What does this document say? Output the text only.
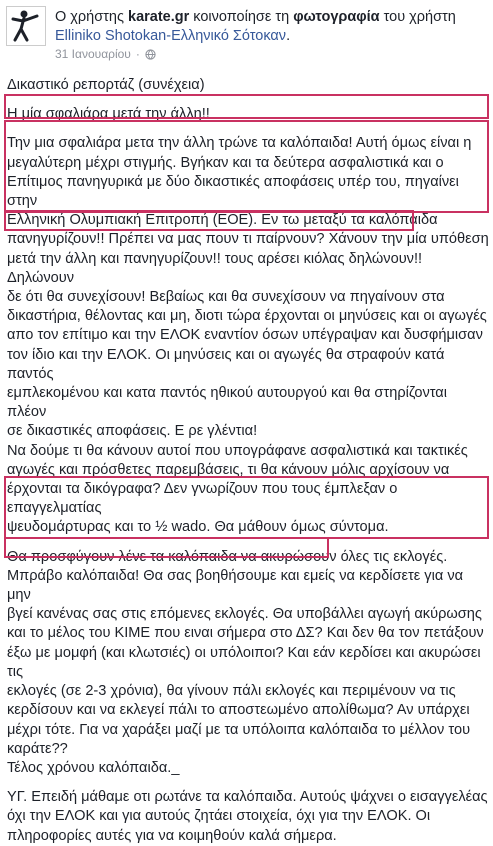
Ο χρήστης karate.gr κοινοποίησε τη φωτογραφία του χρήστη Elliniko Shotokan-Ελληνικό Σότοκαν.
31 Ιανουαρίου ·

Δικαστικό ρεπορτάζ (συνέχεια)

Η μία σφαλιάρα μετά την άλλη!!

Την μια σφαλιάρα μετα την άλλη τρώνε τα καλόπαιδα! Αυτή όμως είναι η

μεγαλύτερη μέχρι στιγμής. Βγήκαν και τα δεύτερα ασφαλιστικά και ο

Επίτιμος πανηγυρικά με δύο δικαστικές αποφάσεις υπέρ του, πηγαίνει στην

Ελληνική Ολυμπιακή Επιτροπή (ΕΟΕ). Εν τω μεταξύ τα καλόπαιδα

πανηγυρίζουν!! Πρέπει να μας πουν τι παίρνουν? Χάνουν την μία υπόθεση

μετά την άλλη και πανηγυρίζουν!! τους αρέσει κιόλας δηλώνουν!! Δηλώνουν

δε ότι θα συνεχίσουν! Βεβαίως και θα συνεχίσουν να πηγαίνουν στα

δικαστήρια, θέλοντας και μη, διοτι τώρα έρχονται οι μηνύσεις και οι αγωγές

απο τον επίτιμο και την ΕΛΟΚ εναντίον όσων υπέγραψαν και δυσφήμισαν

τον ίδιο και την ΕΛΟΚ. Οι μηνύσεις και οι αγωγές θα στραφούν κατά παντός

εμπλεκομένου και κατα παντός ηθικού αυτουργού και θα στηρίζονται πλέον

σε δικαστικές αποφάσεις. Ε ρε γλέντια!

Να δούμε τι θα κάνουν αυτοί που υπογράφανε ασφαλιστικά και τακτικές

αγωγές και πρόσθετες παρεμβάσεις, τι θα κάνουν μόλις αρχίσουν να

έρχονται τα δικόγραφα? Δεν γνωρίζουν που τους έμπλεξαν ο επαγγελματίας

ψευδομάρτυρας και το ½ wado. Θα μάθουν όμως σύντομα.

Θα προσφύγουν λένε τα καλόπαιδα να ακυρώσουν όλες τις εκλογές.

Μπράβο καλόπαιδα! Θα σας βοηθήσουμε και εμείς να κερδίσετε για να μην

βγεί κανένας σας στις επόμενες εκλογές. Θα υποβάλλει αγωγή ακύρωσης

και το μέλος του ΚΙΜΕ που ειναι σήμερα στο ΔΣ? Και δεν θα τον πετάξουν

έξω με μομφή (και κλωτσιές) οι υπόλοιποι? Και εάν κερδίσει και ακυρώσει τις

εκλογές (σε 2-3 χρόνια), θα γίνουν πάλι εκλογές και περιμένουν να τις

κερδίσουν και να εκλεγεί πάλι το αποστεωμένο απολίθωμα? Αν υπάρχει

μέχρι τότε. Για να χαράξει μαζί με τα υπόλοιπα καλόπαιδα το μέλλον του

καράτε??

Τέλος χρόνου καλόπαιδα._

ΥΓ. Επειδή μάθαμε οτι ρωτάνε τα καλόπαιδα. Αυτούς ψάχνει ο εισαγγελέας

όχι την ΕΛΟΚ και για αυτούς ζητάει στοιχεία, όχι για την ΕΛΟΚ. Οι

πληροφορίες αυτές για να κοιμηθούν καλά σήμερα.
